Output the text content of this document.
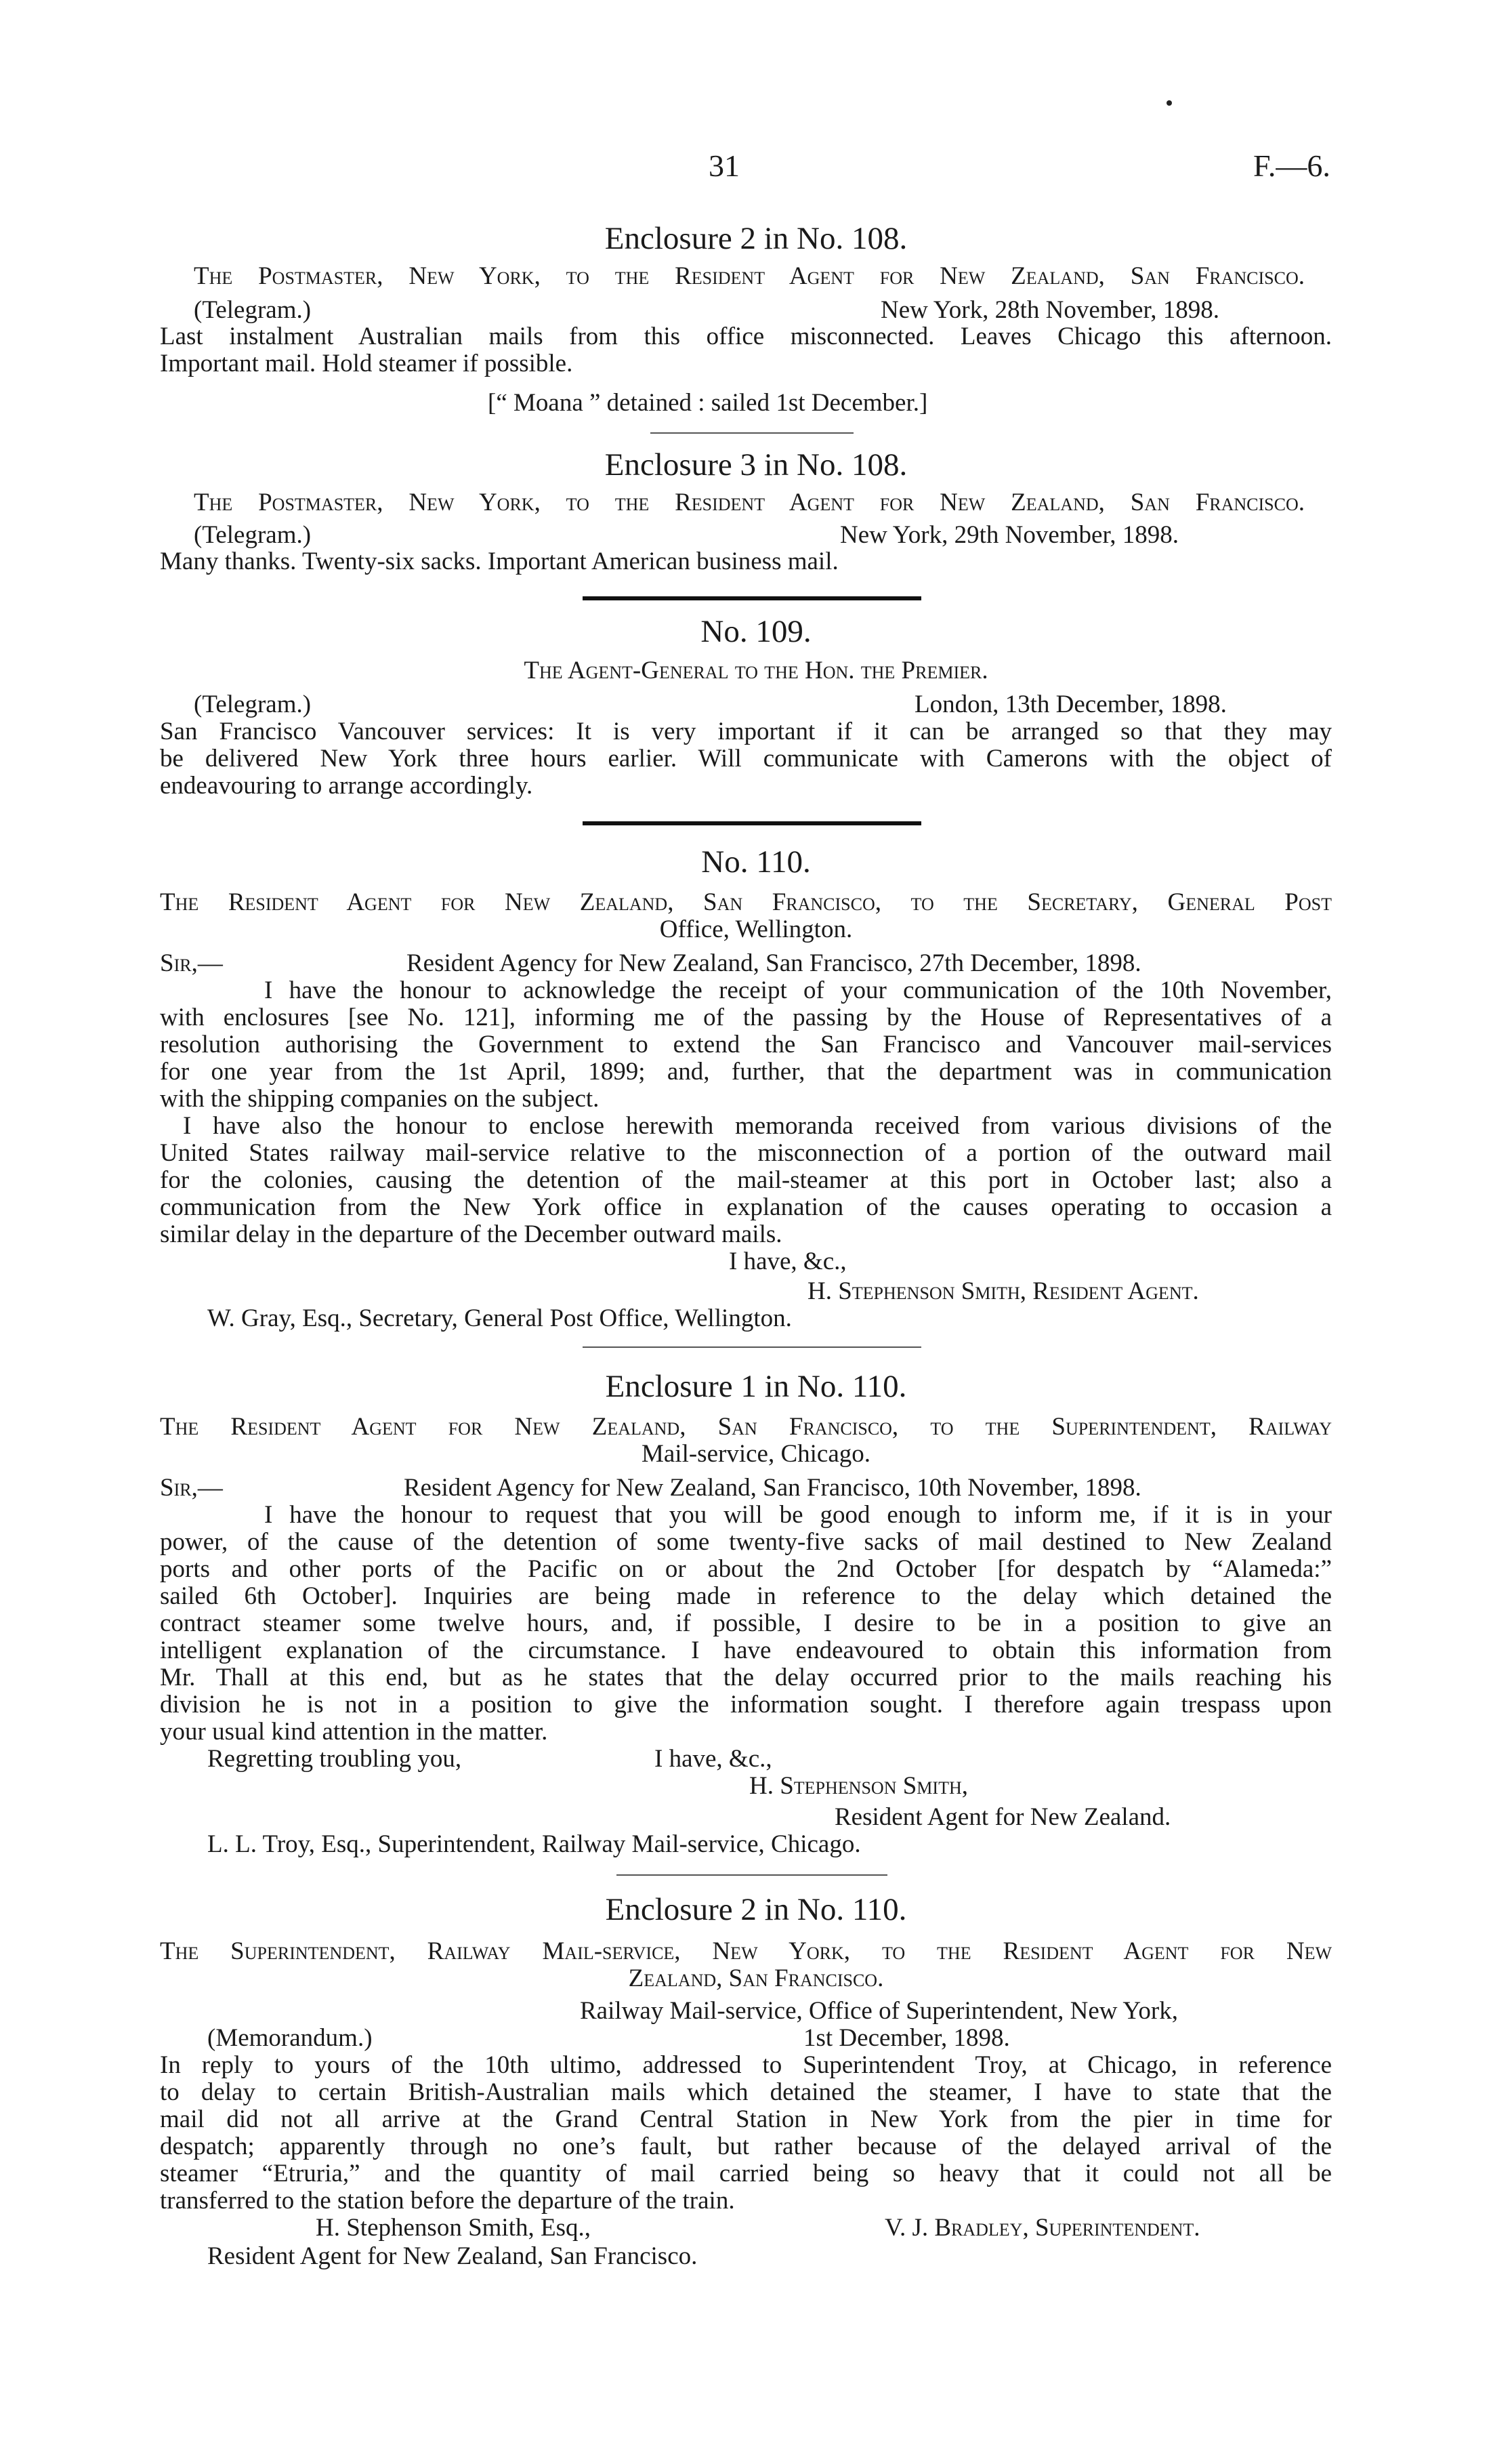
31	F.—6.
Enclosure 2 in No. 108.
The Postmaster, New York, to the Resident Agent for New Zealand, San Francisco.
(Telegram.)	New York, 28th November, 1898.
Last instalment Australian mails from this office misconnected. Leaves Chicago this afternoon.
Important mail. Hold steamer if possible.
[“ Moana ” detained : sailed 1st December.]
Enclosure 3 in No. 108.
The Postmaster, New York, to the Resident Agent for New Zealand, San Francisco.
(Telegram.)	New York, 29th November, 1898.
Many thanks. Twenty-six sacks. Important American business mail.
No. 109.
The Agent-General to the Hon. the Premier.
(Telegram.)	London, 13th December, 1898.
San Francisco Vancouver services: It is very important if it can be arranged so that they may
be delivered New York three hours earlier. Will communicate with Camerons with the object of
endeavouring to arrange accordingly.
No. 110.
The Resident Agent for New Zealand, San Francisco, to the Secretary, General Post
Office, Wellington.
Sir,—	Resident Agency for New Zealand, San Francisco, 27th December, 1898.
I have the honour to acknowledge the receipt of your communication of the 10th November,
with enclosures [see No. 121], informing me of the passing by the House of Representatives of a
resolution authorising the Government to extend the San Francisco and Vancouver mail-services
for one year from the 1st April, 1899; and, further, that the department was in communication
with the shipping companies on the subject.
I have also the honour to enclose herewith memoranda received from various divisions of the
United States railway mail-service relative to the misconnection of a portion of the outward mail
for the colonies, causing the detention of the mail-steamer at this port in October last; also a
communication from the New York office in explanation of the causes operating to occasion a
similar delay in the departure of the December outward mails.
I have, &c.,
H. Stephenson Smith, Resident Agent.
W. Gray, Esq., Secretary, General Post Office, Wellington.
Enclosure 1 in No. 110.
The Resident Agent for New Zealand, San Francisco, to the Superintendent, Railway
Mail-service, Chicago.
Sir,—	Resident Agency for New Zealand, San Francisco, 10th November, 1898.
I have the honour to request that you will be good enough to inform me, if it is in your
power, of the cause of the detention of some twenty-five sacks of mail destined to New Zealand
ports and other ports of the Pacific on or about the 2nd October [for despatch by “Alameda:”
sailed 6th October]. Inquiries are being made in reference to the delay which detained the
contract steamer some twelve hours, and, if possible, I desire to be in a position to give an
intelligent explanation of the circumstance. I have endeavoured to obtain this information from
Mr. Thall at this end, but as he states that the delay occurred prior to the mails reaching his
division he is not in a position to give the information sought. I therefore again trespass upon
your usual kind attention in the matter.
Regretting troubling you,	I have, &c.,
H. Stephenson Smith,
Resident Agent for New Zealand.
L. L. Troy, Esq., Superintendent, Railway Mail-service, Chicago.
Enclosure 2 in No. 110.
The Superintendent, Railway Mail-service, New York, to the Resident Agent for New
Zealand, San Francisco.
Railway Mail-service, Office of Superintendent, New York,
(Memorandum.)	1st December, 1898.
In reply to yours of the 10th ultimo, addressed to Superintendent Troy, at Chicago, in reference
to delay to certain British-Australian mails which detained the steamer, I have to state that the
mail did not all arrive at the Grand Central Station in New York from the pier in time for
despatch; apparently through no one’s fault, but rather because of the delayed arrival of the
steamer “Etruria,” and the quantity of mail carried being so heavy that it could not all be
transferred to the station before the departure of the train.
H. Stephenson Smith, Esq.,	V. J. Bradley, Superintendent.
Resident Agent for New Zealand, San Francisco.
